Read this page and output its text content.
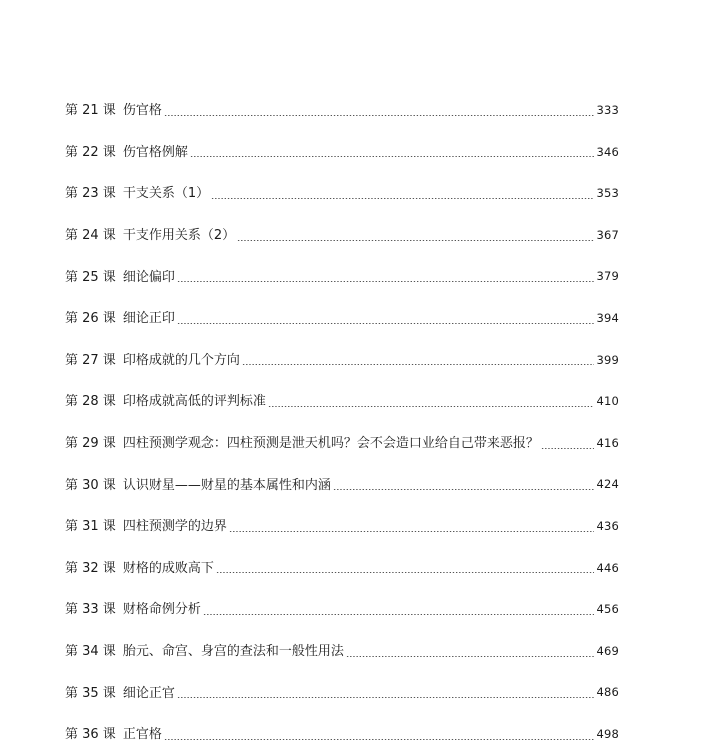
第 21 课 伤官格	333
第 22 课 伤官格例解	346
第 23 课 干支关系（1）	353
第 24 课 干支作用关系（2）	367
第 25 课 细论偏印	379
第 26 课 细论正印	394
第 27 课 印格成就的几个方向	399
第 28 课 印格成就高低的评判标准	410
第 29 课 四柱预测学观念：四柱预测是泄天机吗？会不会造口业给自己带来恶报？	416
第 30 课 认识财星——财星的基本属性和内涵	424
第 31 课 四柱预测学的边界	436
第 32 课 财格的成败高下	446
第 33 课 财格命例分析	456
第 34 课 胎元、命宫、身宫的查法和一般性用法	469
第 35 课 细论正官	486
第 36 课 正官格	498
